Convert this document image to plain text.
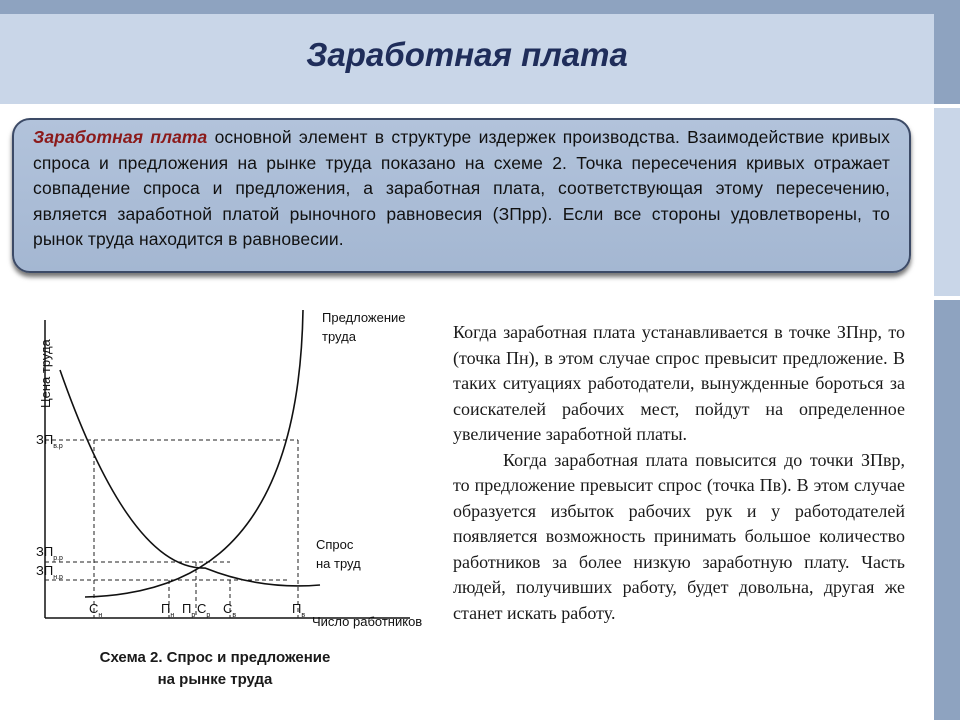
Заработная плата
Заработная плата основной элемент в структуре издержек производства. Взаимодействие кривых спроса и предложения на рынке труда показано на схеме 2. Точка пересечения кривых отражает совпадение спроса и предложения, а заработная плата, соответствующая этому пересечению, является заработной платой рыночного равновесия (ЗПрр). Если все стороны удовлетворены, то рынок труда находится в равновесии.
Цена труда
Число работников
Предложение
труда
Спрос
на труд
$ЗП_{в.р}$
$ЗП_{р.р}$
$ЗП_{н.р}$
$С_н$	$П_н$ $П_р$ $С_р$ $С_в$	$П_в$
Схема 2. Спрос и предложение
на рынке труда

Когда заработная плата устанавливается в точке ЗПнр, то (точка Пн), в этом случае спрос превысит предложение. В таких ситуациях работодатели, вынужденные бороться за соискателей рабочих мест, пойдут на определенное увеличение заработной платы.

Когда заработная плата повысится до точки ЗПвр, то предложение превысит спрос (точка Пв). В этом случае образуется избыток рабочих рук и у работодателей появляется возможность принимать большое количество работников за более низкую заработную плату. Часть людей, получивших работу, будет довольна, другая же станет искать работу.
